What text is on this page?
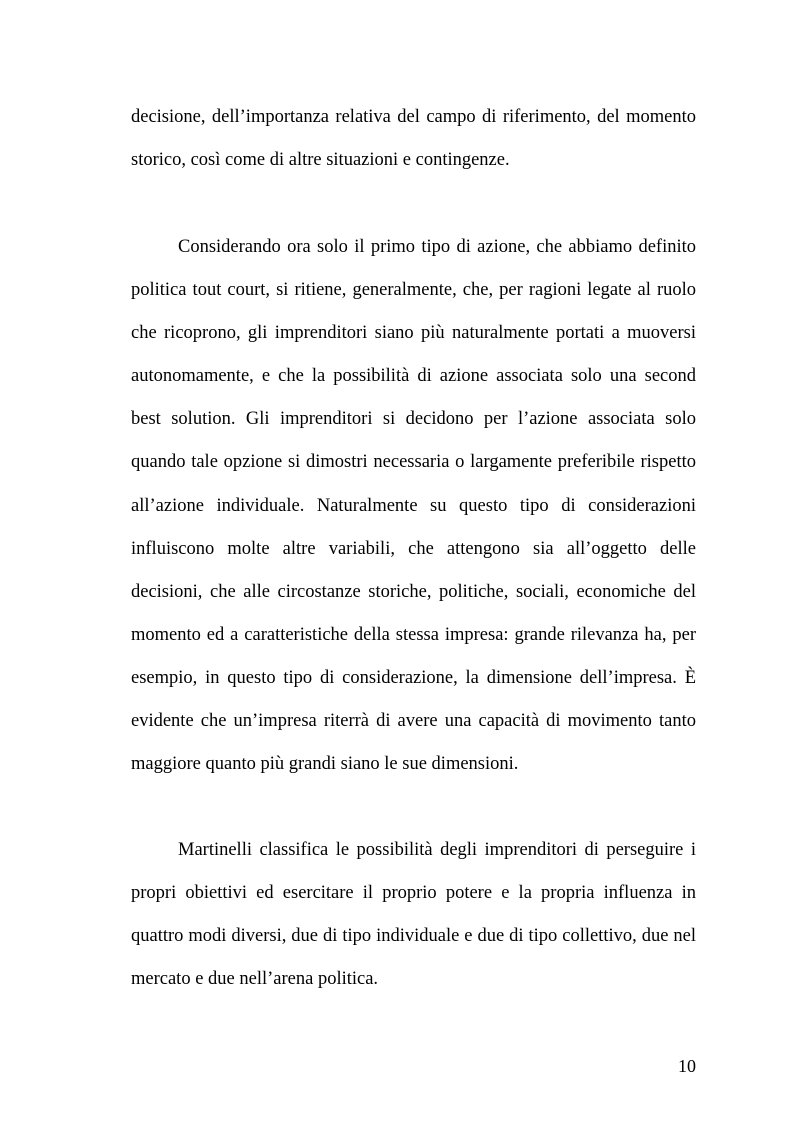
decisione, dell’importanza relativa del campo di riferimento, del momento storico, così come di altre situazioni e contingenze.

Considerando ora solo il primo tipo di azione, che abbiamo definito politica tout court, si ritiene, generalmente, che, per ragioni legate al ruolo che ricoprono, gli imprenditori siano più naturalmente portati a muoversi autonomamente, e che la possibilità di azione associata solo una second best solution. Gli imprenditori si decidono per l’azione associata solo quando tale opzione si dimostri necessaria o largamente preferibile rispetto all’azione individuale. Naturalmente su questo tipo di considerazioni influiscono molte altre variabili, che attengono sia all’oggetto delle decisioni, che alle circostanze storiche, politiche, sociali, economiche del momento ed a caratteristiche della stessa impresa: grande rilevanza ha, per esempio, in questo tipo di considerazione, la dimensione dell’impresa. È evidente che un’impresa riterrà di avere una capacità di movimento tanto maggiore quanto più grandi siano le sue dimensioni.

Martinelli classifica le possibilità degli imprenditori di perseguire i propri obiettivi ed esercitare il proprio potere e la propria influenza in quattro modi diversi, due di tipo individuale e due di tipo collettivo, due nel mercato e due nell’arena politica.

10
